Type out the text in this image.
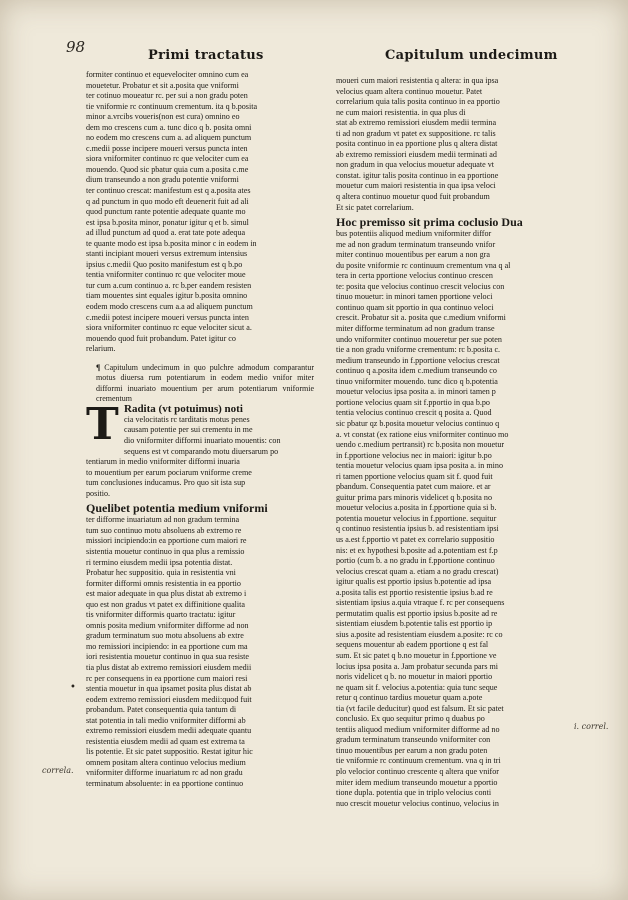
98	Primi tractatus	Capitulum undecimum
formiter continuo et equevelociter omnino cum ea
mouetetur. Probatur et sit a.posita que vniformi
ter cotinuo moueatur rc. per sui a non gradu poten
tie vniformie rc continuum crementum. ita q b.posita
minor a.vrcibs voueris(non est cura) omnino eo
dem mo crescens cum a. tunc dico q b. posita omni
no eodem mo crescens cum a. ad aliquem punctum
c.medii posse incipere moueri versus puncta inten
siora vniformiter continuo rc que velociter cum ea
mouendo. Quod sic pbatur quia cum a.posita c.me
dium transeundo a non gradu potentie vniformi
ter continuo crescat: manifestum est q a.posita ates
q ad punctum in quo modo eft deuenerit fuit ad ali
quod punctum rante potentie adequate quante mo
est ipsa b.posita minor, ponatur igitur q et b. simul
ad illud punctum ad quod a. erat tate pote adequa
te quante modo est ipsa b.posita minor c in eodem in
stanti incipiant moueri versus extremum intensius
ipsius c.medii Quo posito manifestum est q b.po
tentia vniformiter continuo rc que velociter moue
tur cum a.cum continuo a. rc b.per eandem resisten
tiam mouentes sint equales igitur b.posita omnino
eodem modo crescens cum a.a ad aliquem punctum
c.medii potest incipere moueri versus puncta inten
siora vniformiter continuo rc eque velociter sicut a.
mouendo quod fuit probandum. Patet igitur co
relarium.
¶ Capitulum undecimum in quo pulchre admodum comparantur motus diuersa rum potentiarum in eodem medio vnifor miter difformi inuariato mouentium per arum potentiarum vniformie crementum
T Radita (vt potuimus) noti
cia velocitatis rc tarditatis motus penes
causam potentie per sui crementu in me
dio vniformiter difformi inuariato mouentis: con
sequens est vt comparando motu diuersarum po
tentiarum in medio vniformiter difformi inuaria
to mouentium per earum pociarum vniforme creme
tum conclusiones inducamus. Pro quo sit ista sup
positio.
Quelibet potentia medium vniformi
ter difforme inuariatum ad non gradum termina
tum suo continuo motu absoluens ab extremo re
missiori incipiendo:in ea pportione cum maiori re
sistentia mouetur continuo in qua plus a remissio
ri termino eiusdem medii ipsa potentia distat.
Probatur hec suppositio. quia in resistentia vni
formiter difformi omnis resistentia in ea pportio
est maior adequate in qua plus distat ab extremo i
quo est non gradus vt patet ex diffinitione qualita
tis vniformiter difformis quarto tractatu: igitur
omnis posita medium vniformiter difforme ad non
gradum terminatum suo motu absoluens ab extre
mo remissiori incipiendo: in ea pportione cum ma
iori resistentia mouetur continuo in qua sua resiste
tia plus distat ab extremo remissiori eiusdem medii
rc per consequens in ea pportione cum maiori resi
stentia mouetur in qua ipsamet posita plus distat ab
eodem extremo remissiori eiusdem medii:quod fuit
probandum. Patet consequentia quia tantum di
stat potentia in tali medio vniformiter difformi ab
extremo remissiori eiusdem medii adequate quantu
resistentia eiusdem medii ad quam est extrema ta
lis potentie. Et sic patet suppositio. Restat igitur hic
omnem positam altera continuo velocius medium
vniformiter difforme inuariatum rc ad non gradu
terminatum absoluente: in ea pportione continuo
moueri cum maiori resistentia q altera: in qua ipsa
velocius quam altera continuo mouetur. Patet
correlarium quia talis posita continuo in ea pportio
ne cum maiori resistentia. in qua plus di
stat ab extremo remissiori eiusdem medii termina
ti ad non gradum vt patet ex suppositione. rc talis
posita continuo in ea pportione plus q altera distat
ab extremo remissiori eiusdem medii terminati ad
non gradum in qua velocius mouetur adequate vt
constat. igitur talis posita continuo in ea pportione
mouetur cum maiori resistentia in qua ipsa veloci
q altera continuo mouetur quod fuit probandum
Et sic patet correlarium.
Hoc premisso sit prima coclusio Dua
bus potentiis aliquod medium vniformiter diffor
me ad non gradum terminatum transeundo vnifor
miter continuo mouentibus per earum a non gra
du posite vniformie rc continuum crementum vna q al
tera in certa pportione velocius continuo crescen
te: posita que velocius continuo crescit velocius con
tinuo mouetur: in minori tamen pportione veloci
continuo quam sit pportio in qua continuo veloci
crescit. Probatur sit a. posita que c.medium vniformi
miter difforme terminatum ad non gradum transe
undo vniformiter continuo moueretur per sue poten
tie a non gradu vniforme crementum: rc b.posita c.
medium transeundo in f.pportione velocius crescat
continuo q a.posita idem c.medium transeundo co
tinuo vniformiter mouendo. tunc dico q b.potentia
mouetur velocius ipsa posita a. in minori tamen p
portione velocius quam sit f.pportio in qua b.po
tentia velocius continuo crescit q posita a. Quod
sic pbatur qz b.posita mouetur velocius continuo q
a. vt constat (ex ratione eius vniformiter continuo mo
uendo c.medium pertransit) rc b.posita non mouetur
in f.pportione velocius nec in maiori: igitur b.po
tentia mouetur velocius quam ipsa posita a. in mino
ri tamen pportione velocius quam sit f. quod fuit
pbandum. Consequentia patet cum maiore. et ar
guitur prima pars minoris videlicet q b.posita no
mouetur velocius a.posita in f.pportione quia si b.
potentia mouetur velocius in f.pportione. sequitur
q continuo resistentia ipsius b. ad resistentiam ipsi
us a.est f.pportio vt patet ex correlario suppositio
nis: et ex hypothesi b.posite ad a.potentiam est f.p
portio (cum b. a no gradu in f.pportione continuo
velocius crescat quam a. etiam a no gradu crescat)
igitur qualis est pportio ipsius b.potentie ad ipsa
a.posita talis est pportio resistentie ipsius b.ad re
sistentiam ipsius a.quia vtraque f. rc per consequens
permutatim qualis est pportio ipsius b.posite ad re
sistentiam eiusdem b.potentie talis est pportio ip
sius a.posite ad resistentiam eiusdem a.posite: rc co
sequens mouentur ab eadem pportione q est fal
sum. Et sic patet q b.no mouetur in f.pportione ve
locius ipsa posita a. Jam probatur secunda pars mi
noris videlicet q b. no mouetur in maiori pportio
ne quam sit f. velocius a.potentia: quia tunc seque
retur q continuo tardius mouetur quam a.pote
tia (vt facile deducitur) quod est falsum. Et sic patet
conclusio. Ex quo sequitur primo q duabus po
tentiis aliquod medium vniformiter difforme ad no
gradum terminatum transeundo vniformiter con
tinuo mouentibus per earum a non gradu poten
tie vniformie rc continuum crementum. vna q in tri
plo velocior continuo crescente q altera que vnifor
miter idem medium transeundo mouetur a pportio
tione dupla. potentia que in triplo velocius conti
nuo crescit mouetur velocius continuo, velocius in
correla.
i. correl.
•
